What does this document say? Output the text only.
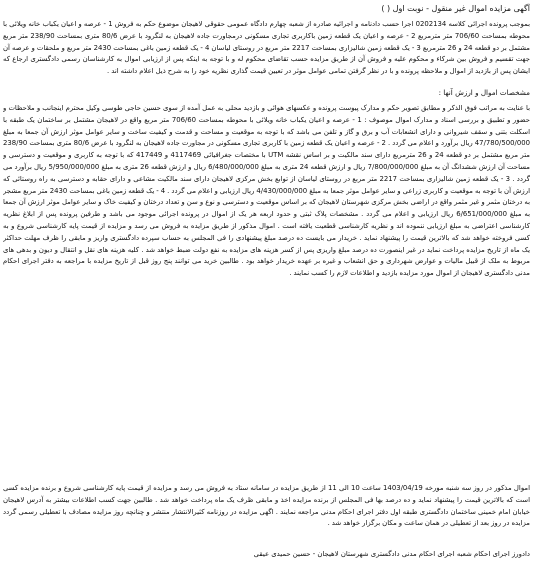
آگهی مزایده اموال غیر منقول - نوبت اول ( )
بموجب پرونده اجرائی کلاسه 0202134 اجرا حسب دادنامه و اجرائیه صادره از شعبه چهارم دادگاه عمومی حقوقی لاهیجان موضوع حکم به فروش 1 - عرصه و اعیان یکباب خانه ویلائی با محوطه بمساحت 706/60 متر مترمربع 2 - عرصه و اعیان یک قطعه زمین باکاربری تجاری مسکونی درمجاورت جاده لاهیجان به لنگرود با عرض 80/6 متری بمساحت 238/90 متر مربع مشتمل بر دو قطعه 24 و 26 مترمربع 3 - یک قطعه زمین شالیزاری بمساحت 2217 متر مربع در روستای لیاسان 4 - یک قطعه زمین باغی بمساحت 2430 متر مربع و ملحقات و عرصه آن جهت تقسیم و فروش بین شرکاء و محکوم علیه و فروش آن از طریق مزایده حسب تقاضای محکوم له و با توجه به اینکه پس از ارزیابی اموال به کارشناسان رسمی دادگستری ارجاع که ایشان پس از بازدید از اموال و ملاحظه پرونده و با در نظر گرفتن تمامی عوامل موثر در تعیین قیمت گذاری نظریه خود را به شرح ذیل اعلام داشته اند .
مشخصات اموال و ارزش آنها :
با عنایت به مراتب فوق الذکر و مطابق تصویر حکم و مدارک پیوست پرونده و عکسهای هوائی و بازدید محلی به عمل آمده از سوی حسین حاجی طوسی وکیل محترم اینجانب و ملاحظات و حضور و تطبیق و بررسی اسناد و مدارک اموال موصوف : 1 - عرصه و اعیان یکباب خانه ویلائی با محوطه بمساحت 706/60 متر مربع واقع در لاهیجان مشتمل بر ساختمان یک طبقه با اسکلت بتنی و سقف شیروانی و دارای انشعابات آب و برق و گاز و تلفن می باشد که با توجه به موقعیت و مساحت و قدمت و کیفیت ساخت و سایر عوامل موثر ارزش آن جمعا به مبلغ 47/780/500/000 ریال برآورد و اعلام می گردد . 2 - عرصه و اعیان یک قطعه زمین با کاربری تجاری مسکونی در مجاورت جاده لاهیجان به لنگرود با عرض 80/6 متری بمساحت 238/90 متر مربع مشتمل بر دو قطعه 24 و 26 مترمربع دارای سند مالکیت و بر اساس نقشه UTM با مختصات جغرافیائی 4117469 و 417449 که با توجه به کاربری و موقعیت و دسترسی و مساحت آن ارزش ششدانگ آن به مبلغ 7/800/000/000 ریال و ارزش قطعه 24 متری به مبلغ 6/480/000/000 ریال و ارزش قطعه 26 متری به مبلغ 5/950/000/000 ریال برآورد می گردد . 3 - یک قطعه زمین شالیزاری بمساحت 2217 متر مربع در روستای لیاسان از توابع بخش مرکزی لاهیجان دارای سند مالکیت مشاعی و دارای حقابه و دسترسی به راه روستائی که ارزش آن با توجه به موقعیت و کاربری زراعی و سایر عوامل موثر جمعا به مبلغ 4/430/000/000 ریال ارزیابی و اعلام می گردد . 4 - یک قطعه زمین باغی بمساحت 2430 متر مربع مشجر به درختان مثمر و غیر مثمر واقع در اراضی بخش مرکزی شهرستان لاهیجان که بر اساس موقعیت و دسترسی و نوع و سن و تعداد درختان و کیفیت خاک و سایر عوامل موثر ارزش آن جمعا به مبلغ 6/651/000/000 ریال ارزیابی و اعلام می گردد . مشخصات پلاک ثبتی و حدود اربعه هر یک از اموال در پرونده اجرائی موجود می باشد و طرفین پرونده پس از ابلاغ نظریه کارشناسی اعتراضی به مبلغ ارزیابی ننموده اند و نظریه کارشناسی قطعیت یافته است . اموال مذکور از طریق مزایده به فروش می رسد و مزایده از قیمت پایه کارشناسی شروع و به کسی فروخته خواهد شد که بالاترین قیمت را پیشنهاد نماید . خریدار می بایست ده درصد مبلغ پیشنهادی را فی المجلس به حساب سپرده دادگستری واریز و مابقی را ظرف مهلت حداکثر یک ماه از تاریخ مزایده پرداخت نماید در غیر اینصورت ده درصد مبلغ واریزی پس از کسر هزینه های مزایده به نفع دولت ضبط خواهد شد . کلیه هزینه های نقل و انتقال و دیون و بدهی های مربوط به ملک از قبیل مالیات و عوارض شهرداری و حق انشعاب و غیره بر عهده خریدار خواهد بود . طالبین خرید می توانند پنج روز قبل از تاریخ مزایده با مراجعه به دفتر اجرای احکام مدنی دادگستری لاهیجان از اموال مورد مزایده بازدید و اطلاعات لازم را کسب نمایند .
اموال مذکور در روز سه شنبه مورخه 1403/04/19 ساعت 10 الی 11 از طریق مزایده در سامانه ستاد به فروش می رسد و مزایده از قیمت پایه کارشناسی شروع و برنده مزایده کسی است که بالاترین قیمت را پیشنهاد نماید و ده درصد بها فی المجلس از برنده مزایده اخذ و مابقی ظرف یک ماه پرداخت خواهد شد . طالبین جهت کسب اطلاعات بیشتر به آدرس لاهیجان خیابان امام خمینی ساختمان دادگستری طبقه اول دفتر اجرای احکام مدنی مراجعه نمایند . اگهی مزایده در روزنامه کثیرالانتشار منتشر و چنانچه روز مزایده مصادف با تعطیلی رسمی گردد مزایده در روز بعد از تعطیلی در همان ساعت و مکان برگزار خواهد شد .
دادورز اجرای احکام شعبه اجرای احکام مدنی دادگستری شهرستان لاهیجان - حسین حمیدی عیقی
